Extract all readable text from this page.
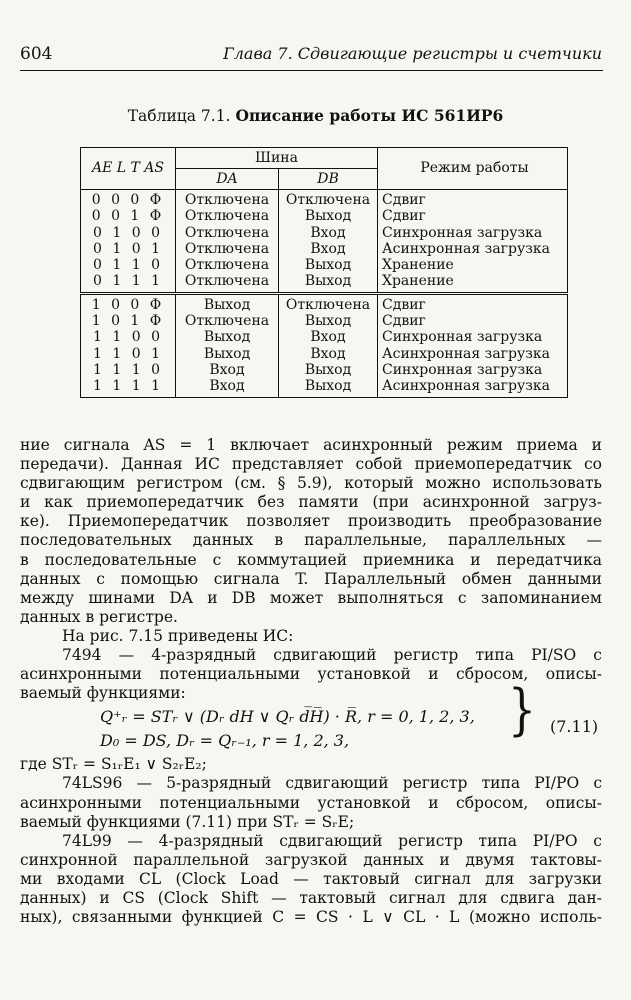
604	Глава 7. Сдвигающие регистры и счетчики
Таблица 7.1. Описание работы ИС 561ИР6
AE L T AS	Шина		Режим работы
	DA	DB	
0 0 0 Φ	Отключена	Отключена	Сдвиг
0 0 1 Φ	Отключена	Выход	Сдвиг
0 1 0 0	Отключена	Вход	Синхронная загрузка
0 1 0 1	Отключена	Вход	Асинхронная загрузка
0 1 1 0	Отключена	Выход	Хранение
0 1 1 1	Отключена	Выход	Хранение
1 0 0 Φ	Выход	Отключена	Сдвиг
1 0 1 Φ	Отключена	Выход	Сдвиг
1 1 0 0	Выход	Вход	Синхронная загрузка
1 1 0 1	Выход	Вход	Асинхронная загрузка
1 1 1 0	Вход	Выход	Синхронная загрузка
1 1 1 1	Вход	Выход	Асинхронная загрузка
ние сигнала AS = 1 включает асинхронный режим приема и
передачи). Данная ИС представляет собой приемопередатчик со
сдвигающим регистром (см. § 5.9), который можно использовать
и как приемопередатчик без памяти (при асинхронной загруз-
ке). Приемопередатчик позволяет производить преобразование
последовательных данных в параллельные, параллельных —
в последовательные с коммутацией приемника и передатчика
данных с помощью сигнала T. Параллельный обмен данными
между шинами DA и DB может выполняться с запоминанием
данных в регистре.
На рис. 7.15 приведены ИС:
7494 — 4-разрядный сдвигающий регистр типа PI/SO с
асинхронными потенциальными установкой и сбросом, описы-
ваемый функциями:
Q⁺ᵣ = STᵣ ∨ (Dᵣ dH ∨ Qᵣ d̅H̅) · R̅, r = 0, 1, 2, 3,
D₀ = DS, Dᵣ = Qᵣ₋₁, r = 1, 2, 3,	} (7.11)
где STᵣ = S₁ᵣE₁ ∨ S₂ᵣE₂;
74LS96 — 5-разрядный сдвигающий регистр типа PI/PO с
асинхронными потенциальными установкой и сбросом, описы-
ваемый функциями (7.11) при STᵣ = SᵣE;
74L99 — 4-разрядный сдвигающий регистр типа PI/PO с
синхронной параллельной загрузкой данных и двумя тактовы-
ми входами CL (Clock Load — тактовый сигнал для загрузки
данных) и CS (Clock Shift — тактовый сигнал для сдвига дан-
ных), связанными функцией C = CS · L̅ ∨ CL · L (можно исполь-
